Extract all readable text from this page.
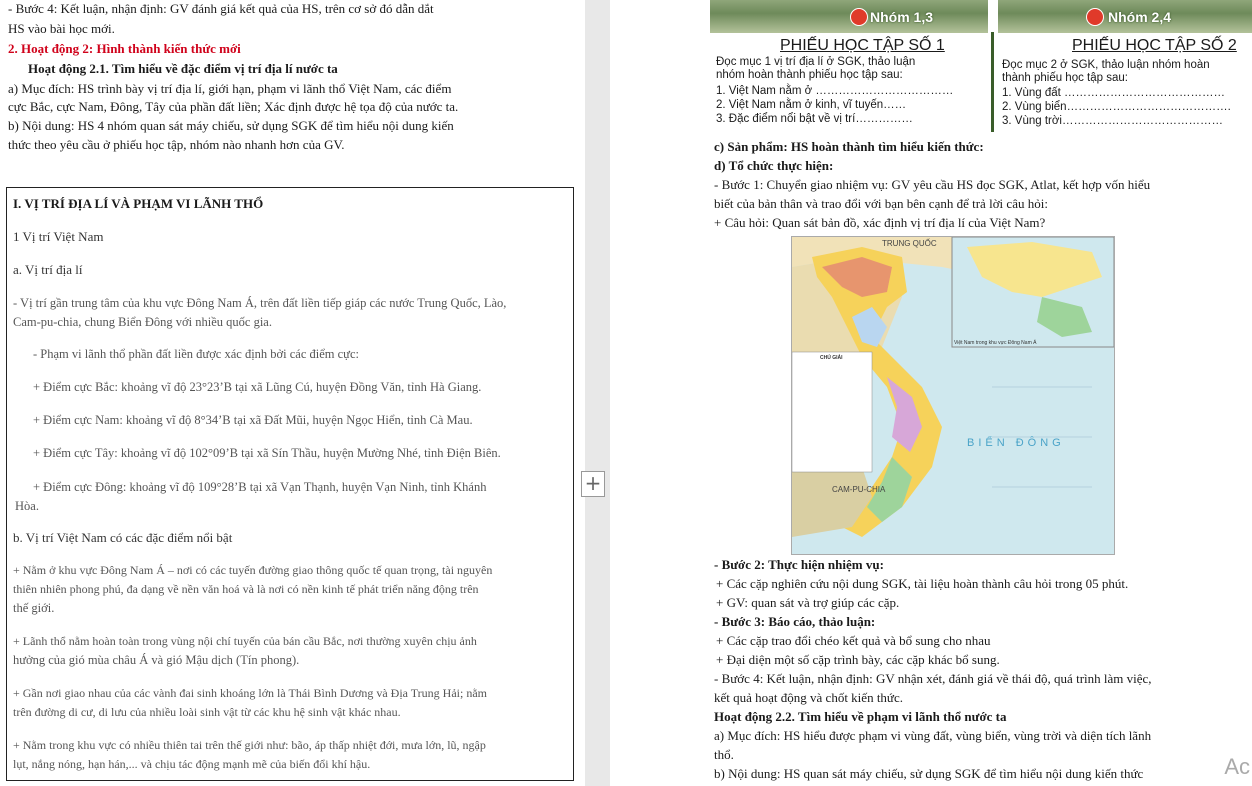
- Bước 4: Kết luận, nhận định: GV đánh giá kết quả của HS, trên cơ sở đó dẫn dắt
HS vào bài học mới.
2. Hoạt động 2: Hình thành kiến thức mới
Hoạt động 2.1. Tìm hiểu về đặc điểm vị trí địa lí nước ta
a) Mục đích: HS trình bày vị trí địa lí, giới hạn, phạm vi lãnh thổ Việt Nam, các điểm
cực Bắc, cực Nam, Đông, Tây của phần đất liền; Xác định được hệ tọa độ của nước ta.
b) Nội dung: HS 4 nhóm quan sát máy chiếu, sử dụng SGK để tìm hiểu nội dung kiến
thức theo yêu cầu ở phiếu học tập, nhóm nào nhanh hơn của GV.
I. VỊ TRÍ ĐỊA LÍ VÀ PHẠM VI LÃNH THỔ
1 Vị trí Việt Nam
a. Vị trí địa lí
- Vị trí gần trung tâm của khu vực Đông Nam Á, trên đất liền tiếp giáp các nước Trung Quốc, Lào,
Cam-pu-chia, chung Biển Đông với nhiều quốc gia.
- Phạm vi lãnh thổ phần đất liền được xác định bởi các điểm cực:
+ Điểm cực Bắc: khoảng vĩ độ 23°23’B tại xã Lũng Cú, huyện Đồng Văn, tỉnh Hà Giang.
+ Điểm cực Nam: khoảng vĩ độ 8°34’B tại xã Đất Mũi, huyện Ngọc Hiển, tỉnh Cà Mau.
+ Điểm cực Tây: khoảng vĩ độ 102°09’B tại xã Sín Thầu, huyện Mường Nhé, tỉnh Điện Biên.
+ Điểm cực Đông: khoảng vĩ độ 109°28’B tại xã Vạn Thạnh, huyện Vạn Ninh, tỉnh Khánh
Hòa.
b. Vị trí Việt Nam có các đặc điểm nổi bật
+ Nằm ở khu vực Đông Nam Á – nơi có các tuyến đường giao thông quốc tế quan trọng, tài nguyên
thiên nhiên phong phú, đa dạng về nền văn hoá và là nơi có nền kinh tế phát triển năng động trên
thế giới.
+ Lãnh thổ nằm hoàn toàn trong vùng nội chí tuyến của bán cầu Bắc, nơi thường xuyên chịu ảnh
hưởng của gió mùa châu Á và gió Mậu dịch (Tín phong).
+ Gần nơi giao nhau của các vành đai sinh khoáng lớn là Thái Bình Dương và Địa Trung Hải; nằm
trên đường di cư, di lưu của nhiều loài sinh vật từ các khu hệ sinh vật khác nhau.
+ Nằm trong khu vực có nhiều thiên tai trên thế giới như: bão, áp thấp nhiệt đới, mưa lớn, lũ, ngập
lụt, nắng nóng, hạn hán,... và chịu tác động mạnh mẽ của biến đổi khí hậu.
+
Nhóm 1,3
PHIẾU HỌC TẬP SỐ 1
Đọc mục 1 vị trí địa lí ở SGK, thảo luận
nhóm hoàn thành phiếu học tập sau:
1. Việt Nam nằm ở ………………………………
2. Việt Nam nằm ở kinh, vĩ tuyến……
3. Đặc điểm nổi bật về vị trí……………
Nhóm 2,4
PHIẾU HỌC TẬP SỐ 2
Đọc mục 2 ở SGK, thảo luận nhóm hoàn
thành phiếu học tập sau:
1. Vùng đất ……………………………………
2. Vùng biển…………………………………….
3. Vùng trời……………………………………
c) Sản phẩm: HS hoàn thành tìm hiểu kiến thức:
d) Tổ chức thực hiện:
- Bước 1: Chuyển giao nhiệm vụ: GV yêu cầu HS đọc SGK, Atlat, kết hợp vốn hiểu
biết của bản thân và trao đổi với bạn bên cạnh để trả lời câu hỏi:
+ Câu hỏi: Quan sát bản đồ, xác định vị trí địa lí của Việt Nam?
TRUNG QUỐC
CAM-PU-CHIA
BIỂN ĐÔNG
Việt Nam trong khu vực Đông Nam Á
CHÚ GIẢI
- Bước 2: Thực hiện nhiệm vụ:
+ Các cặp nghiên cứu nội dung SGK, tài liệu hoàn thành câu hỏi trong 05 phút.
+ GV: quan sát và trợ giúp các cặp.
- Bước 3: Báo cáo, thảo luận:
+ Các cặp trao đổi chéo kết quả và bổ sung cho nhau
+ Đại diện một số cặp trình bày, các cặp khác bổ sung.
- Bước 4: Kết luận, nhận định: GV nhận xét, đánh giá về thái độ, quá trình làm việc,
kết quả hoạt động và chốt kiến thức.
Hoạt động 2.2. Tìm hiểu về phạm vi lãnh thổ nước ta
a) Mục đích: HS hiểu được phạm vi vùng đất, vùng biển, vùng trời và diện tích lãnh
thổ.
b) Nội dung: HS quan sát máy chiếu, sử dụng SGK để tìm hiểu nội dung kiến thức	Ac
